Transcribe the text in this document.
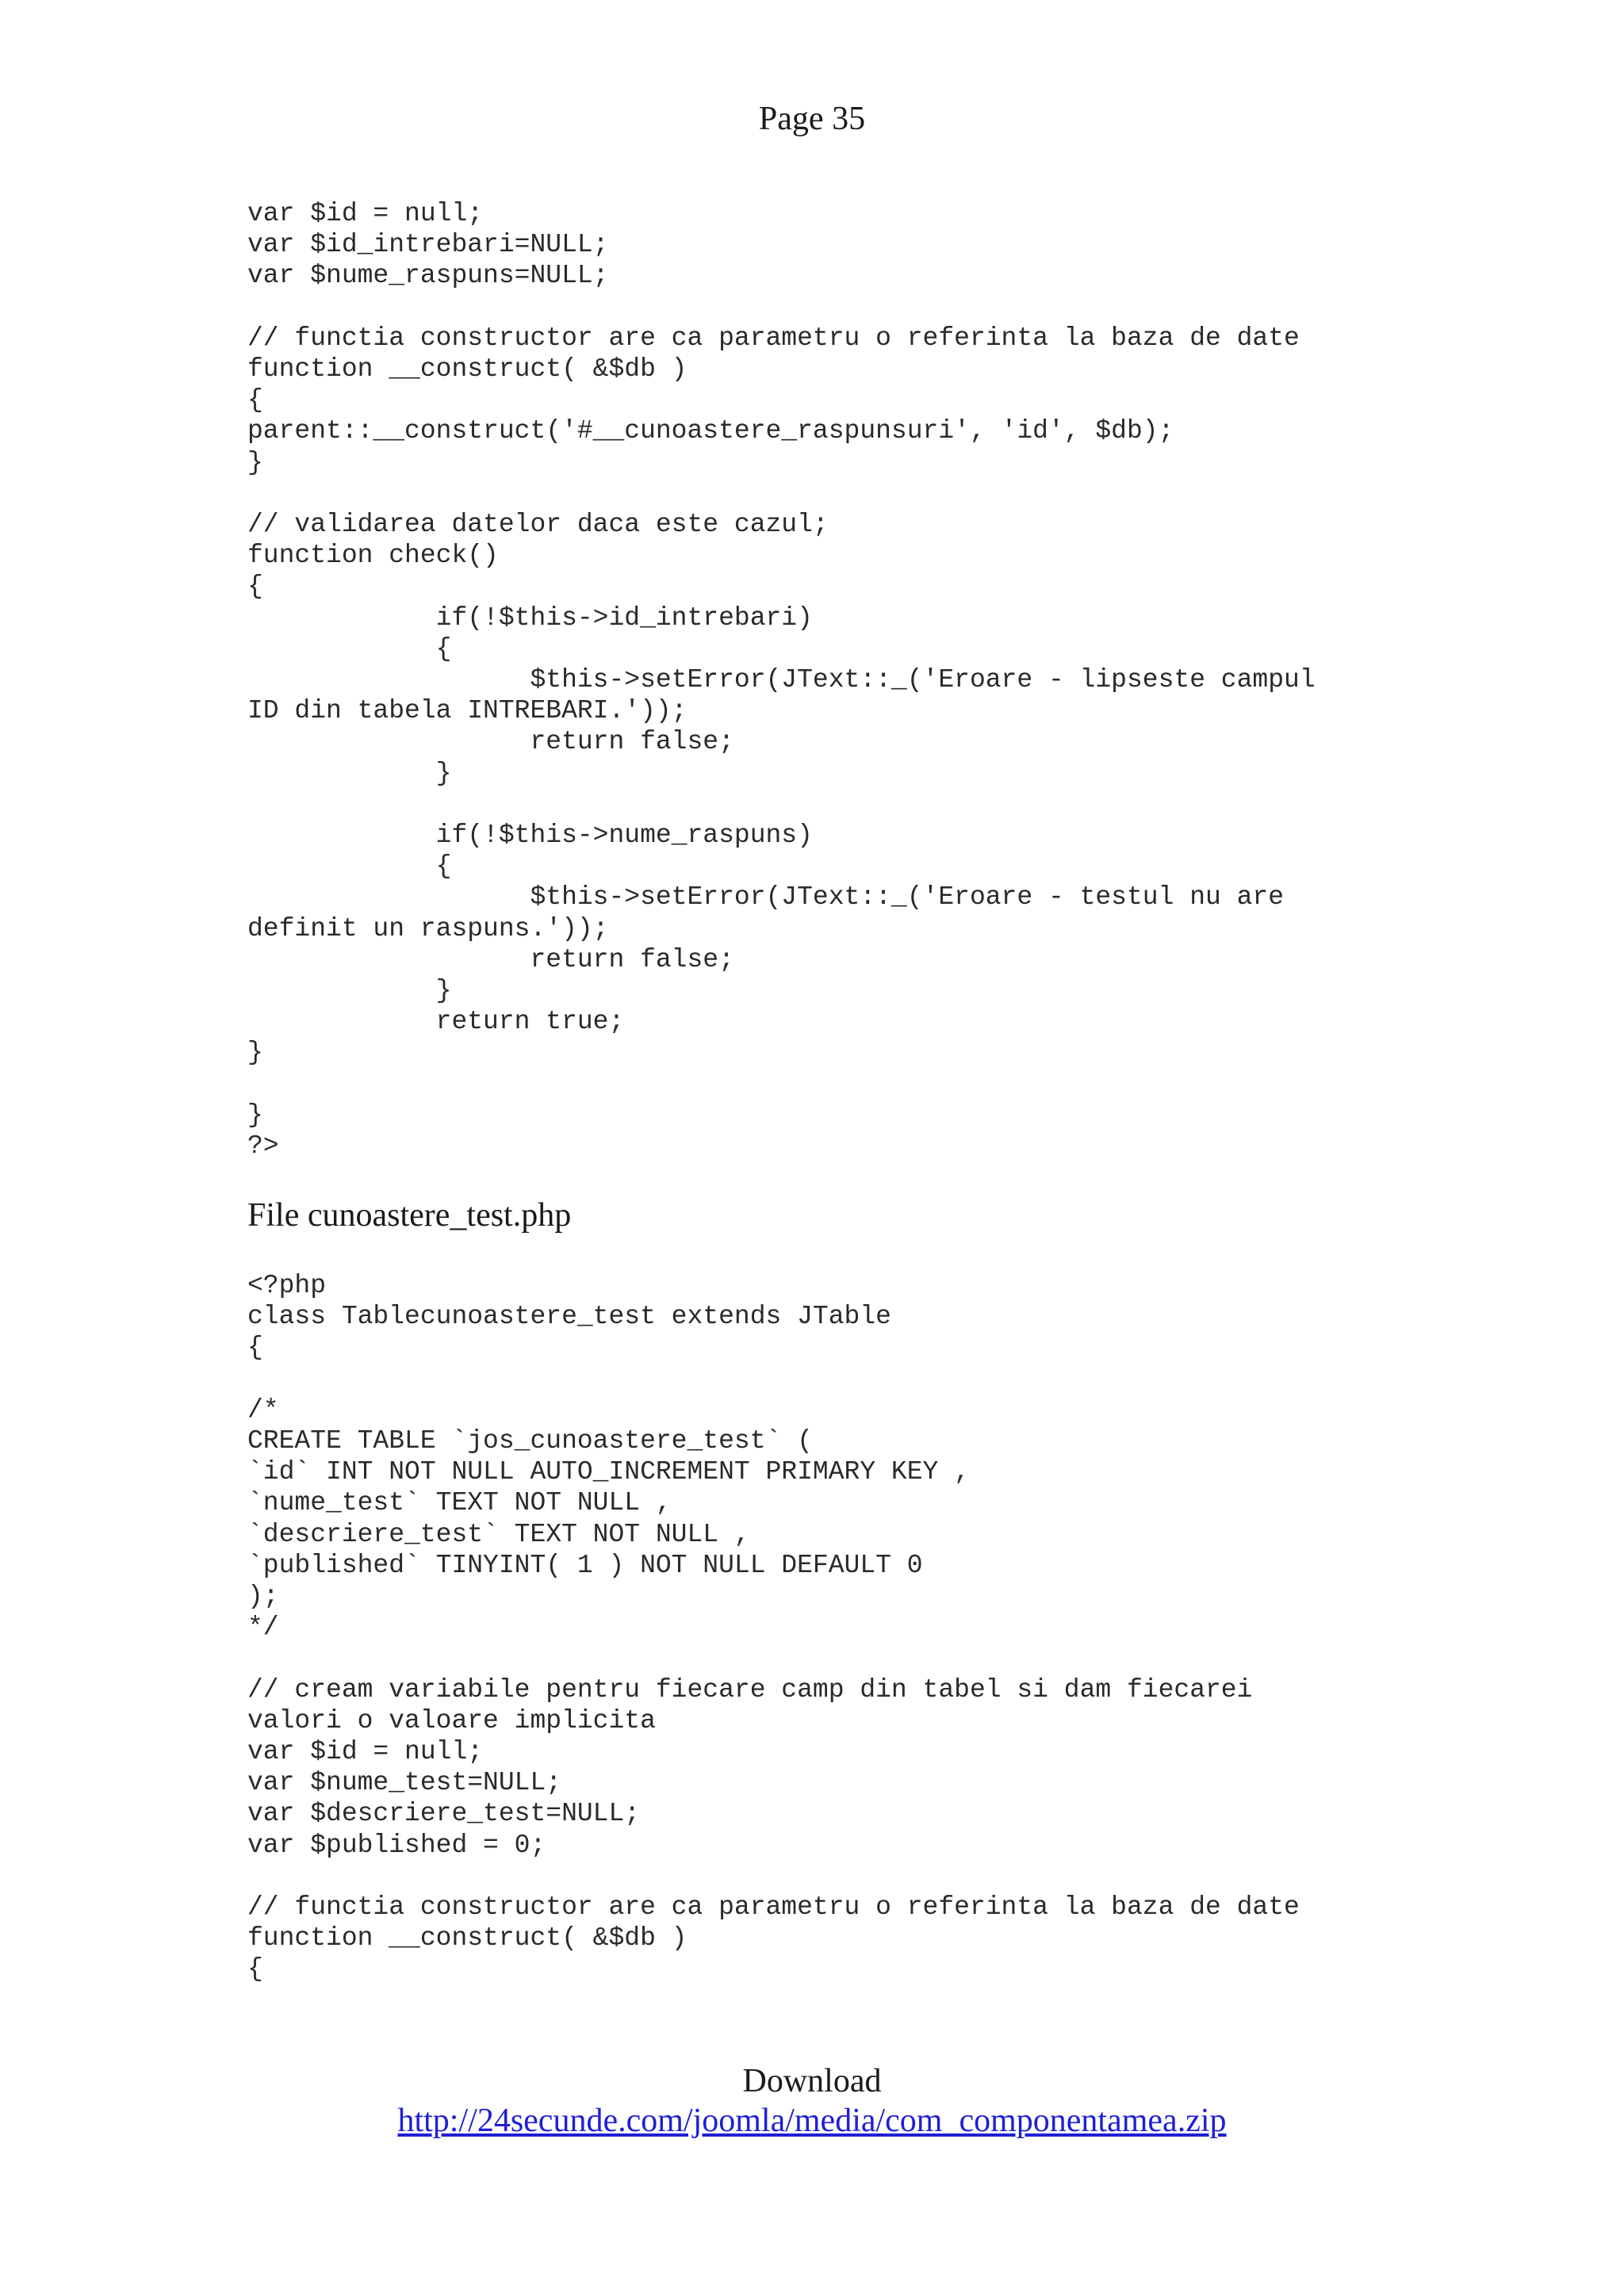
Page 35
var $id = null;
var $id_intrebari=NULL;
var $nume_raspuns=NULL;

// functia constructor are ca parametru o referinta la baza de date
function __construct( &$db )
{
parent::__construct('#__cunoastere_raspunsuri', 'id', $db);
}

// validarea datelor daca este cazul;
function check()
{
if(!$this->id_intrebari)
{
$this->setError(JText::_('Eroare - lipseste campul
ID din tabela INTREBARI.'));
return false;
}

if(!$this->nume_raspuns)
{
$this->setError(JText::_('Eroare - testul nu are
definit un raspuns.'));
return false;
}
return true;
}

}
?>
File cunoastere_test.php
<?php
class Tablecunoastere_test extends JTable
{

/*
CREATE TABLE `jos_cunoastere_test` (
`id` INT NOT NULL AUTO_INCREMENT PRIMARY KEY ,
`nume_test` TEXT NOT NULL ,
`descriere_test` TEXT NOT NULL ,
`published` TINYINT( 1 ) NOT NULL DEFAULT 0
);
*/

// cream variabile pentru fiecare camp din tabel si dam fiecarei
valori o valoare implicita
var $id = null;
var $nume_test=NULL;
var $descriere_test=NULL;
var $published = 0;

// functia constructor are ca parametru o referinta la baza de date
function __construct( &$db )
{
Download
http://24secunde.com/joomla/media/com_componentamea.zip
